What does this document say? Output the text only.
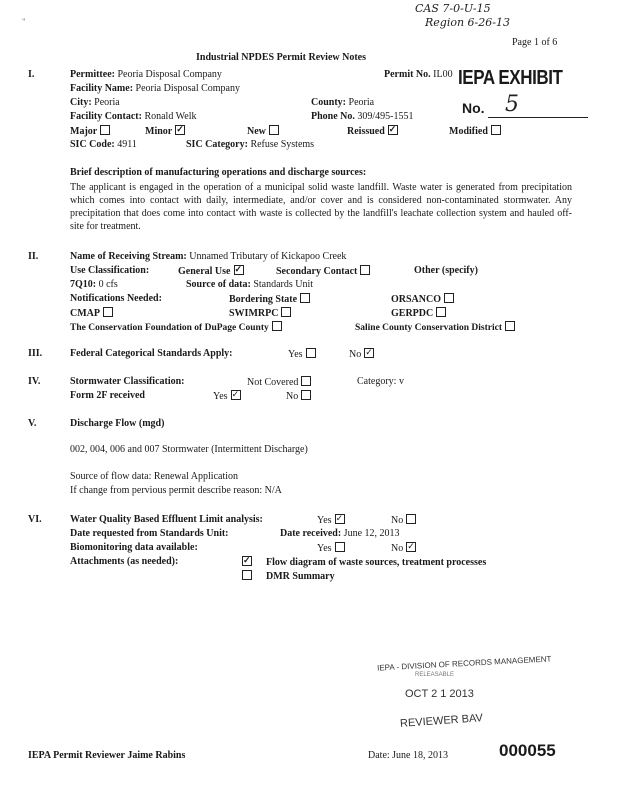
CAS 7-0-U-15
Region 6-26-13
"
Page 1 of 6
Industrial NPDES Permit Review Notes
IEPA EXHIBIT
No. 5
I.	Permittee: Peoria Disposal Company	Permit No. IL00
Facility Name: Peoria Disposal Company
City: Peoria	County: Peoria
Facility Contact: Ronald Welk	Phone No. 309/495-1551
Major	Minor ✓	New	Reissued ✓	Modified
SIC Code: 4911	SIC Category: Refuse Systems
Brief description of manufacturing operations and discharge sources:
The applicant is engaged in the operation of a municipal solid waste landfill. Waste water is generated from precipitation which comes into contact with daily, intermediate, and/or cover and is considered non-contaminated stormwater. Any precipitation that does come into contact with waste is collected by the landfill's leachate collection system and hauled off-site for treatment.
II.	Name of Receiving Stream: Unnamed Tributary of Kickapoo Creek
Use Classification:	General Use ✓	Secondary Contact	Other (specify)
7Q10: 0 cfs	Source of data: Standards Unit
Notifications Needed:	Bordering State	ORSANCO
CMAP	SWIMRPC	GERPDC
The Conservation Foundation of DuPage County	Saline County Conservation District
III.	Federal Categorical Standards Apply:	Yes	No✓
IV.	Stormwater Classification:	Not Covered	Category: v
Form 2F received	Yes ✓	No
V.	Discharge Flow (mgd)
002, 004, 006 and 007 Stormwater (Intermittent Discharge)
Source of flow data: Renewal Application
If change from pervious permit describe reason: N/A
VI.	Water Quality Based Effluent Limit analysis:	Yes ✓	No
Date requested from Standards Unit:	Date received: June 12, 2013
Biomonitoring data available:	Yes	No✓
Attachments (as needed): ✓	Flow diagram of waste sources, treatment processes
DMR Summary
IEPA - DIVISION OF RECORDS MANAGEMENT
RELEASABLE
OCT 2 1 2013
REVIEWER BAV
IEPA Permit Reviewer Jaime Rabins	Date: June 18, 2013	000055
